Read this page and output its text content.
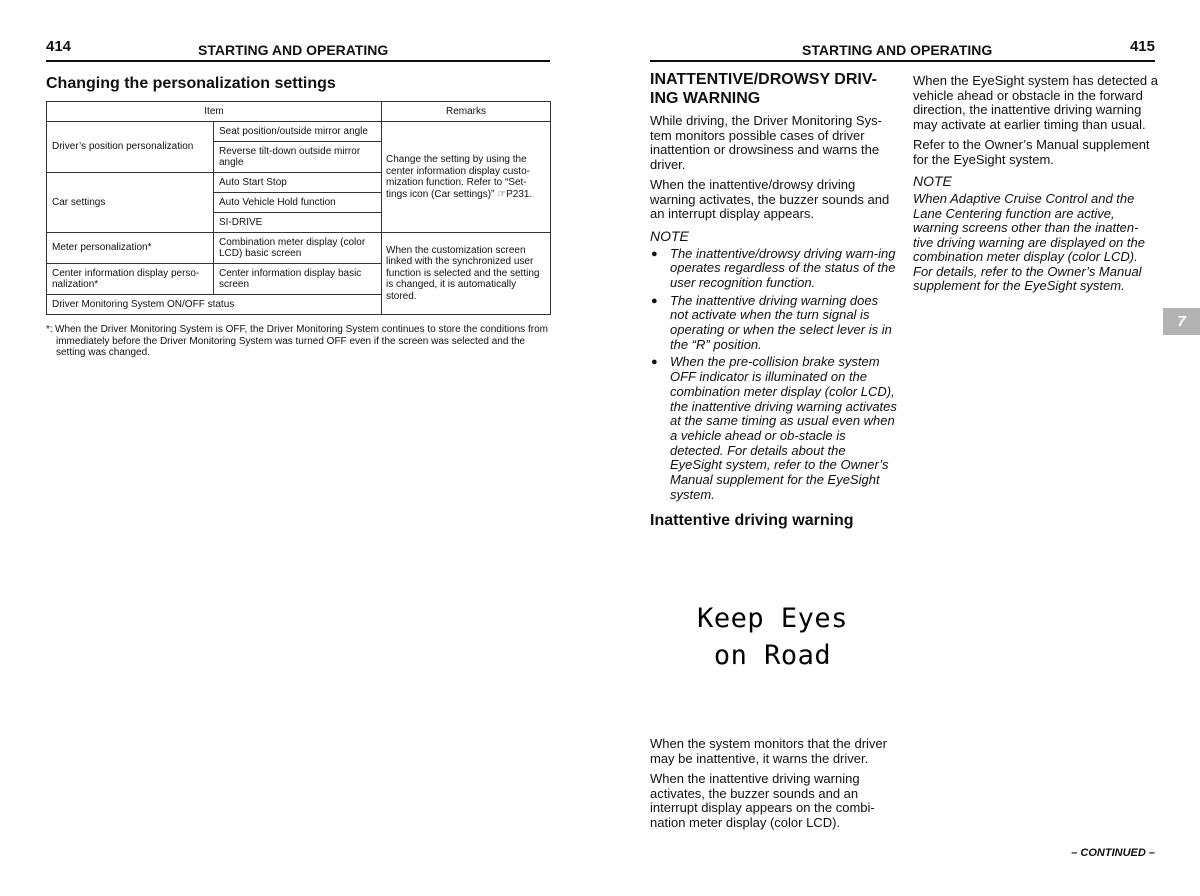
414	STARTING AND OPERATING
Changing the personalization settings
Item		Remarks
Driver’s position personalization	Seat position/outside mirror angle	Change the setting by using the center information display custo-mization function. Refer to “Set-tings icon (Car settings)” ☞P231.
	Reverse tilt-down outside mirror angle	
Car settings	Auto Start Stop	
	Auto Vehicle Hold function	
	SI-DRIVE	
Meter personalization*	Combination meter display (color LCD) basic screen	When the customization screen linked with the synchronized user function is selected and the setting is changed, it is automatically stored.
Center information display perso-nalization*	Center information display basic screen	
Driver Monitoring System ON/OFF status		
*: When the Driver Monitoring System is OFF, the Driver Monitoring System continues to store the conditions from immediately before the Driver Monitoring System was turned OFF even if the screen was selected and the setting was changed.
STARTING AND OPERATING	415
INATTENTIVE/DROWSY DRIV-ING WARNING

While driving, the Driver Monitoring Sys-tem monitors possible cases of driver inattention or drowsiness and warns the driver.

When the inattentive/drowsy driving warning activates, the buzzer sounds and an interrupt display appears.

NOTE
● The inattentive/drowsy driving warn-ing operates regardless of the status of the user recognition function.
● The inattentive driving warning does not activate when the turn signal is operating or when the select lever is in the “R” position.
● When the pre-collision brake system OFF indicator is illuminated on the combination meter display (color LCD), the inattentive driving warning activates at the same timing as usual even when a vehicle ahead or ob-stacle is detected. For details about the EyeSight system, refer to the Owner’s Manual supplement for the EyeSight system.
Inattentive driving warning
Keep Eyes
on Road

When the system monitors that the driver may be inattentive, it warns the driver.

When the inattentive driving warning activates, the buzzer sounds and an interrupt display appears on the combi-nation meter display (color LCD).

When the EyeSight system has detected a vehicle ahead or obstacle in the forward direction, the inattentive driving warning may activate at earlier timing than usual.

Refer to the Owner’s Manual supplement for the EyeSight system.

NOTE

When Adaptive Cruise Control and the Lane Centering function are active, warning screens other than the inatten-tive driving warning are displayed on the combination meter display (color LCD). For details, refer to the Owner’s Manual supplement for the EyeSight system.

7
– CONTINUED –
